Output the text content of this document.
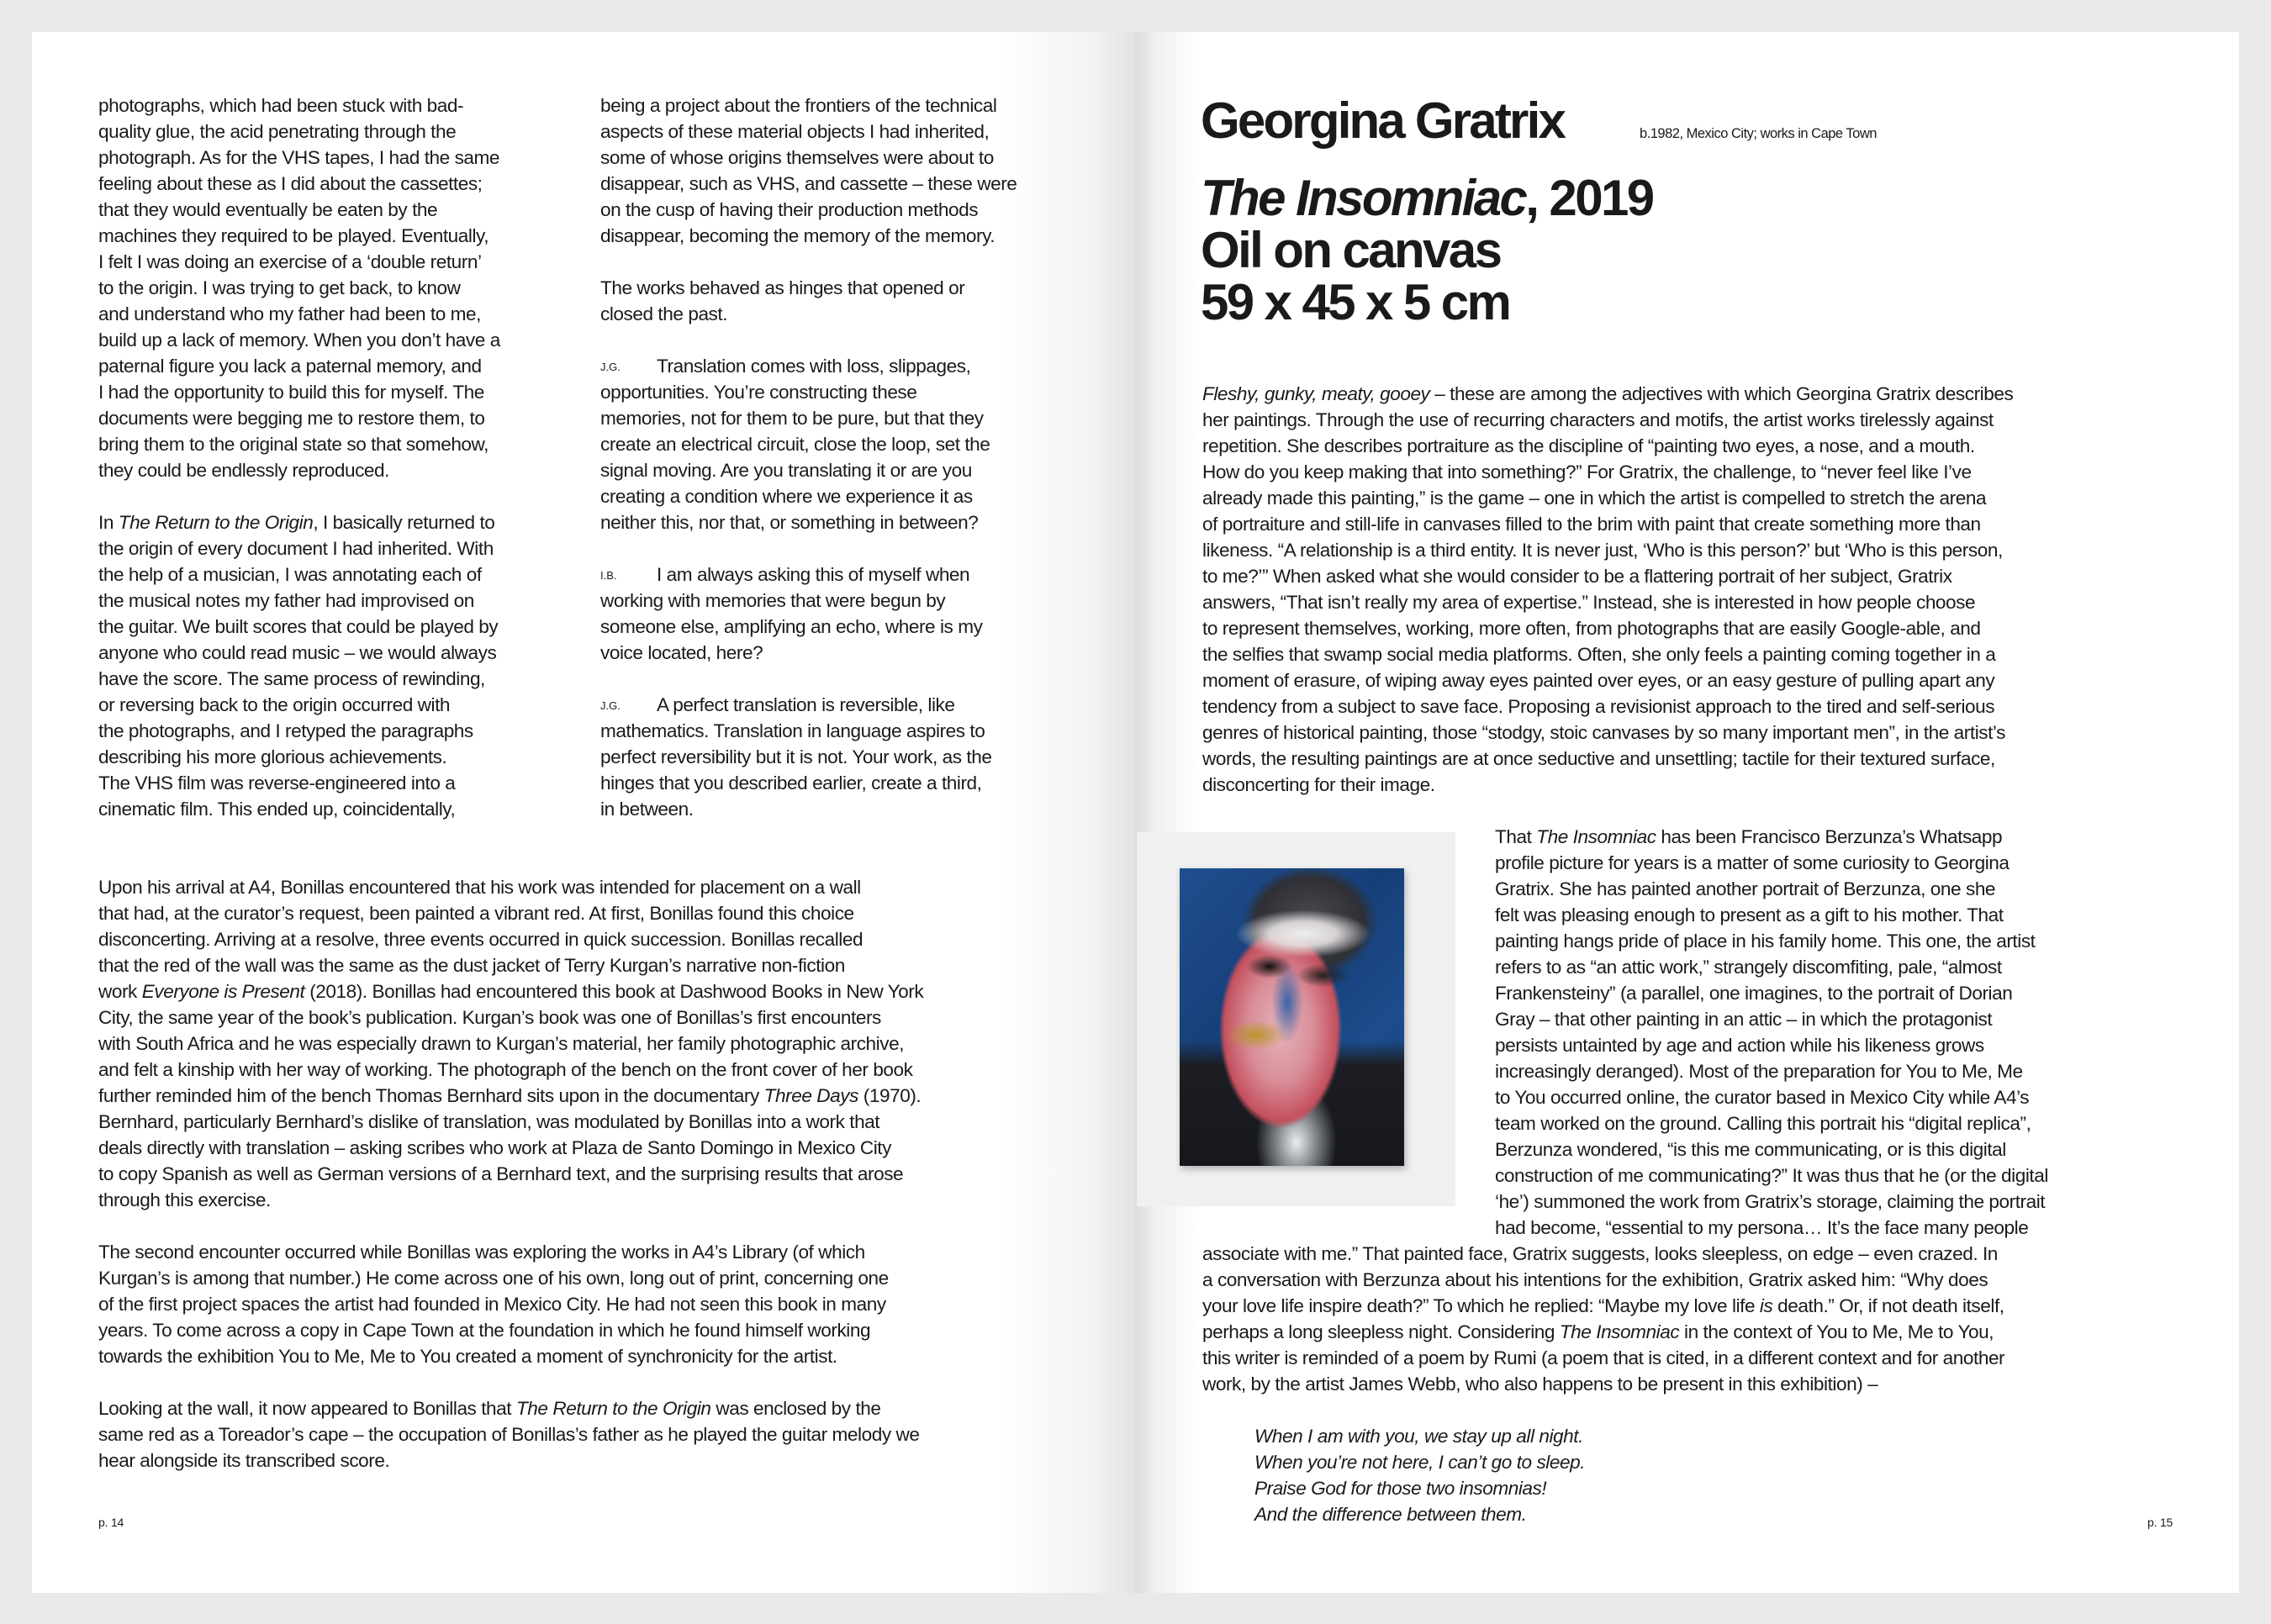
photographs, which had been stuck with bad-
quality glue, the acid penetrating through the
photograph. As for the VHS tapes, I had the same
feeling about these as I did about the cassettes;
that they would eventually be eaten by the
machines they required to be played. Eventually,
I felt I was doing an exercise of a ‘double return’
to the origin. I was trying to get back, to know
and understand who my father had been to me,
build up a lack of memory. When you don’t have a
paternal figure you lack a paternal memory, and
I had the opportunity to build this for myself. The
documents were begging me to restore them, to
bring them to the original state so that somehow,
they could be endlessly reproduced.
In The Return to the Origin, I basically returned to
the origin of every document I had inherited. With
the help of a musician, I was annotating each of
the musical notes my father had improvised on
the guitar. We built scores that could be played by
anyone who could read music – we would always
have the score. The same process of rewinding,
or reversing back to the origin occurred with
the photographs, and I retyped the paragraphs
describing his more glorious achievements.
The VHS film was reverse-engineered into a
cinematic film. This ended up, coincidentally,
being a project about the frontiers of the technical
aspects of these material objects I had inherited,
some of whose origins themselves were about to
disappear, such as VHS, and cassette – these were
on the cusp of having their production methods
disappear, becoming the memory of the memory.
The works behaved as hinges that opened or
closed the past.
J.G. Translation comes with loss, slippages,
opportunities. You’re constructing these
memories, not for them to be pure, but that they
create an electrical circuit, close the loop, set the
signal moving. Are you translating it or are you
creating a condition where we experience it as
neither this, nor that, or something in between?
I.B. I am always asking this of myself when
working with memories that were begun by
someone else, amplifying an echo, where is my
voice located, here?
J.G. A perfect translation is reversible, like
mathematics. Translation in language aspires to
perfect reversibility but it is not. Your work, as the
hinges that you described earlier, create a third,
in between.
Upon his arrival at A4, Bonillas encountered that his work was intended for placement on a wall
that had, at the curator’s request, been painted a vibrant red. At first, Bonillas found this choice
disconcerting. Arriving at a resolve, three events occurred in quick succession. Bonillas recalled
that the red of the wall was the same as the dust jacket of Terry Kurgan’s narrative non-fiction
work Everyone is Present (2018). Bonillas had encountered this book at Dashwood Books in New York
City, the same year of the book’s publication. Kurgan’s book was one of Bonillas’s first encounters
with South Africa and he was especially drawn to Kurgan’s material, her family photographic archive,
and felt a kinship with her way of working. The photograph of the bench on the front cover of her book
further reminded him of the bench Thomas Bernhard sits upon in the documentary Three Days (1970).
Bernhard, particularly Bernhard’s dislike of translation, was modulated by Bonillas into a work that
deals directly with translation – asking scribes who work at Plaza de Santo Domingo in Mexico City
to copy Spanish as well as German versions of a Bernhard text, and the surprising results that arose
through this exercise.
The second encounter occurred while Bonillas was exploring the works in A4’s Library (of which
Kurgan’s is among that number.) He come across one of his own, long out of print, concerning one
of the first project spaces the artist had founded in Mexico City. He had not seen this book in many
years. To come across a copy in Cape Town at the foundation in which he found himself working
towards the exhibition You to Me, Me to You created a moment of synchronicity for the artist.
Looking at the wall, it now appeared to Bonillas that The Return to the Origin was enclosed by the
same red as a Toreador’s cape – the occupation of Bonillas’s father as he played the guitar melody we
hear alongside its transcribed score.
p. 14
Georgina Gratrix	b.1982, Mexico City; works in Cape Town
The Insomniac, 2019
Oil on canvas
59 x 45 x 5 cm
Fleshy, gunky, meaty, gooey – these are among the adjectives with which Georgina Gratrix describes
her paintings. Through the use of recurring characters and motifs, the artist works tirelessly against
repetition. She describes portraiture as the discipline of “painting two eyes, a nose, and a mouth.
How do you keep making that into something?” For Gratrix, the challenge, to “never feel like I’ve
already made this painting,” is the game – one in which the artist is compelled to stretch the arena
of portraiture and still-life in canvases filled to the brim with paint that create something more than
likeness. “A relationship is a third entity. It is never just, ‘Who is this person?’ but ‘Who is this person,
to me?’” When asked what she would consider to be a flattering portrait of her subject, Gratrix
answers, “That isn’t really my area of expertise.” Instead, she is interested in how people choose
to represent themselves, working, more often, from photographs that are easily Google-able, and
the selfies that swamp social media platforms. Often, she only feels a painting coming together in a
moment of erasure, of wiping away eyes painted over eyes, or an easy gesture of pulling apart any
tendency from a subject to save face. Proposing a revisionist approach to the tired and self-serious
genres of historical painting, those “stodgy, stoic canvases by so many important men”, in the artist’s
words, the resulting paintings are at once seductive and unsettling; tactile for their textured surface,
disconcerting for their image.
That The Insomniac has been Francisco Berzunza’s Whatsapp
profile picture for years is a matter of some curiosity to Georgina
Gratrix. She has painted another portrait of Berzunza, one she
felt was pleasing enough to present as a gift to his mother. That
painting hangs pride of place in his family home. This one, the artist
refers to as “an attic work,” strangely discomfiting, pale, “almost
Frankensteiny” (a parallel, one imagines, to the portrait of Dorian
Gray – that other painting in an attic – in which the protagonist
persists untainted by age and action while his likeness grows
increasingly deranged). Most of the preparation for You to Me, Me
to You occurred online, the curator based in Mexico City while A4’s
team worked on the ground. Calling this portrait his “digital replica”,
Berzunza wondered, “is this me communicating, or is this digital
construction of me communicating?” It was thus that he (or the digital
‘he’) summoned the work from Gratrix’s storage, claiming the portrait
had become, “essential to my persona… It’s the face many people
associate with me.” That painted face, Gratrix suggests, looks sleepless, on edge – even crazed. In
a conversation with Berzunza about his intentions for the exhibition, Gratrix asked him: “Why does
your love life inspire death?” To which he replied: “Maybe my love life is death.” Or, if not death itself,
perhaps a long sleepless night. Considering The Insomniac in the context of You to Me, Me to You,
this writer is reminded of a poem by Rumi (a poem that is cited, in a different context and for another
work, by the artist James Webb, who also happens to be present in this exhibition) –
When I am with you, we stay up all night.
When you’re not here, I can’t go to sleep.
Praise God for those two insomnias!
And the difference between them.	p. 15
